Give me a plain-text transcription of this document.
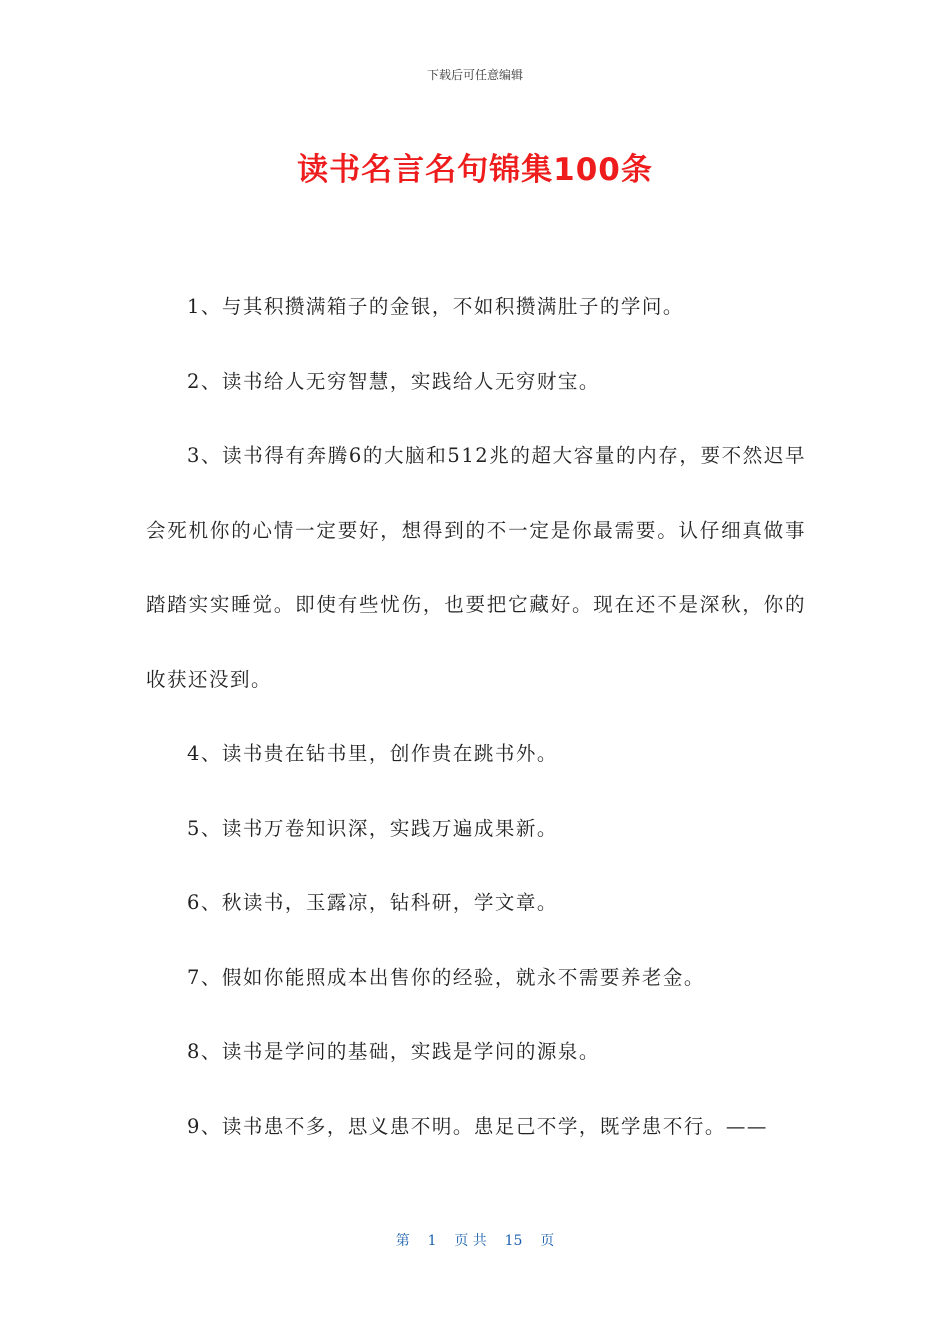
下载后可任意编辑
读书名言名句锦集100条

1、与其积攒满箱子的金银，不如积攒满肚子的学问。

2、读书给人无穷智慧，实践给人无穷财宝。

3、读书得有奔腾6的大脑和512兆的超大容量的内存，要不然迟早会死机你的心情一定要好，想得到的不一定是你最需要。认仔细真做事踏踏实实睡觉。即使有些忧伤，也要把它藏好。现在还不是深秋，你的收获还没到。

4、读书贵在钻书里，创作贵在跳书外。

5、读书万卷知识深，实践万遍成果新。

6、秋读书，玉露凉，钻科研，学文章。

7、假如你能照成本出售你的经验，就永不需要养老金。

8、读书是学问的基础，实践是学问的源泉。

9、读书患不多，思义患不明。患足己不学，既学患不行。——

第 1 页 共 15 页
